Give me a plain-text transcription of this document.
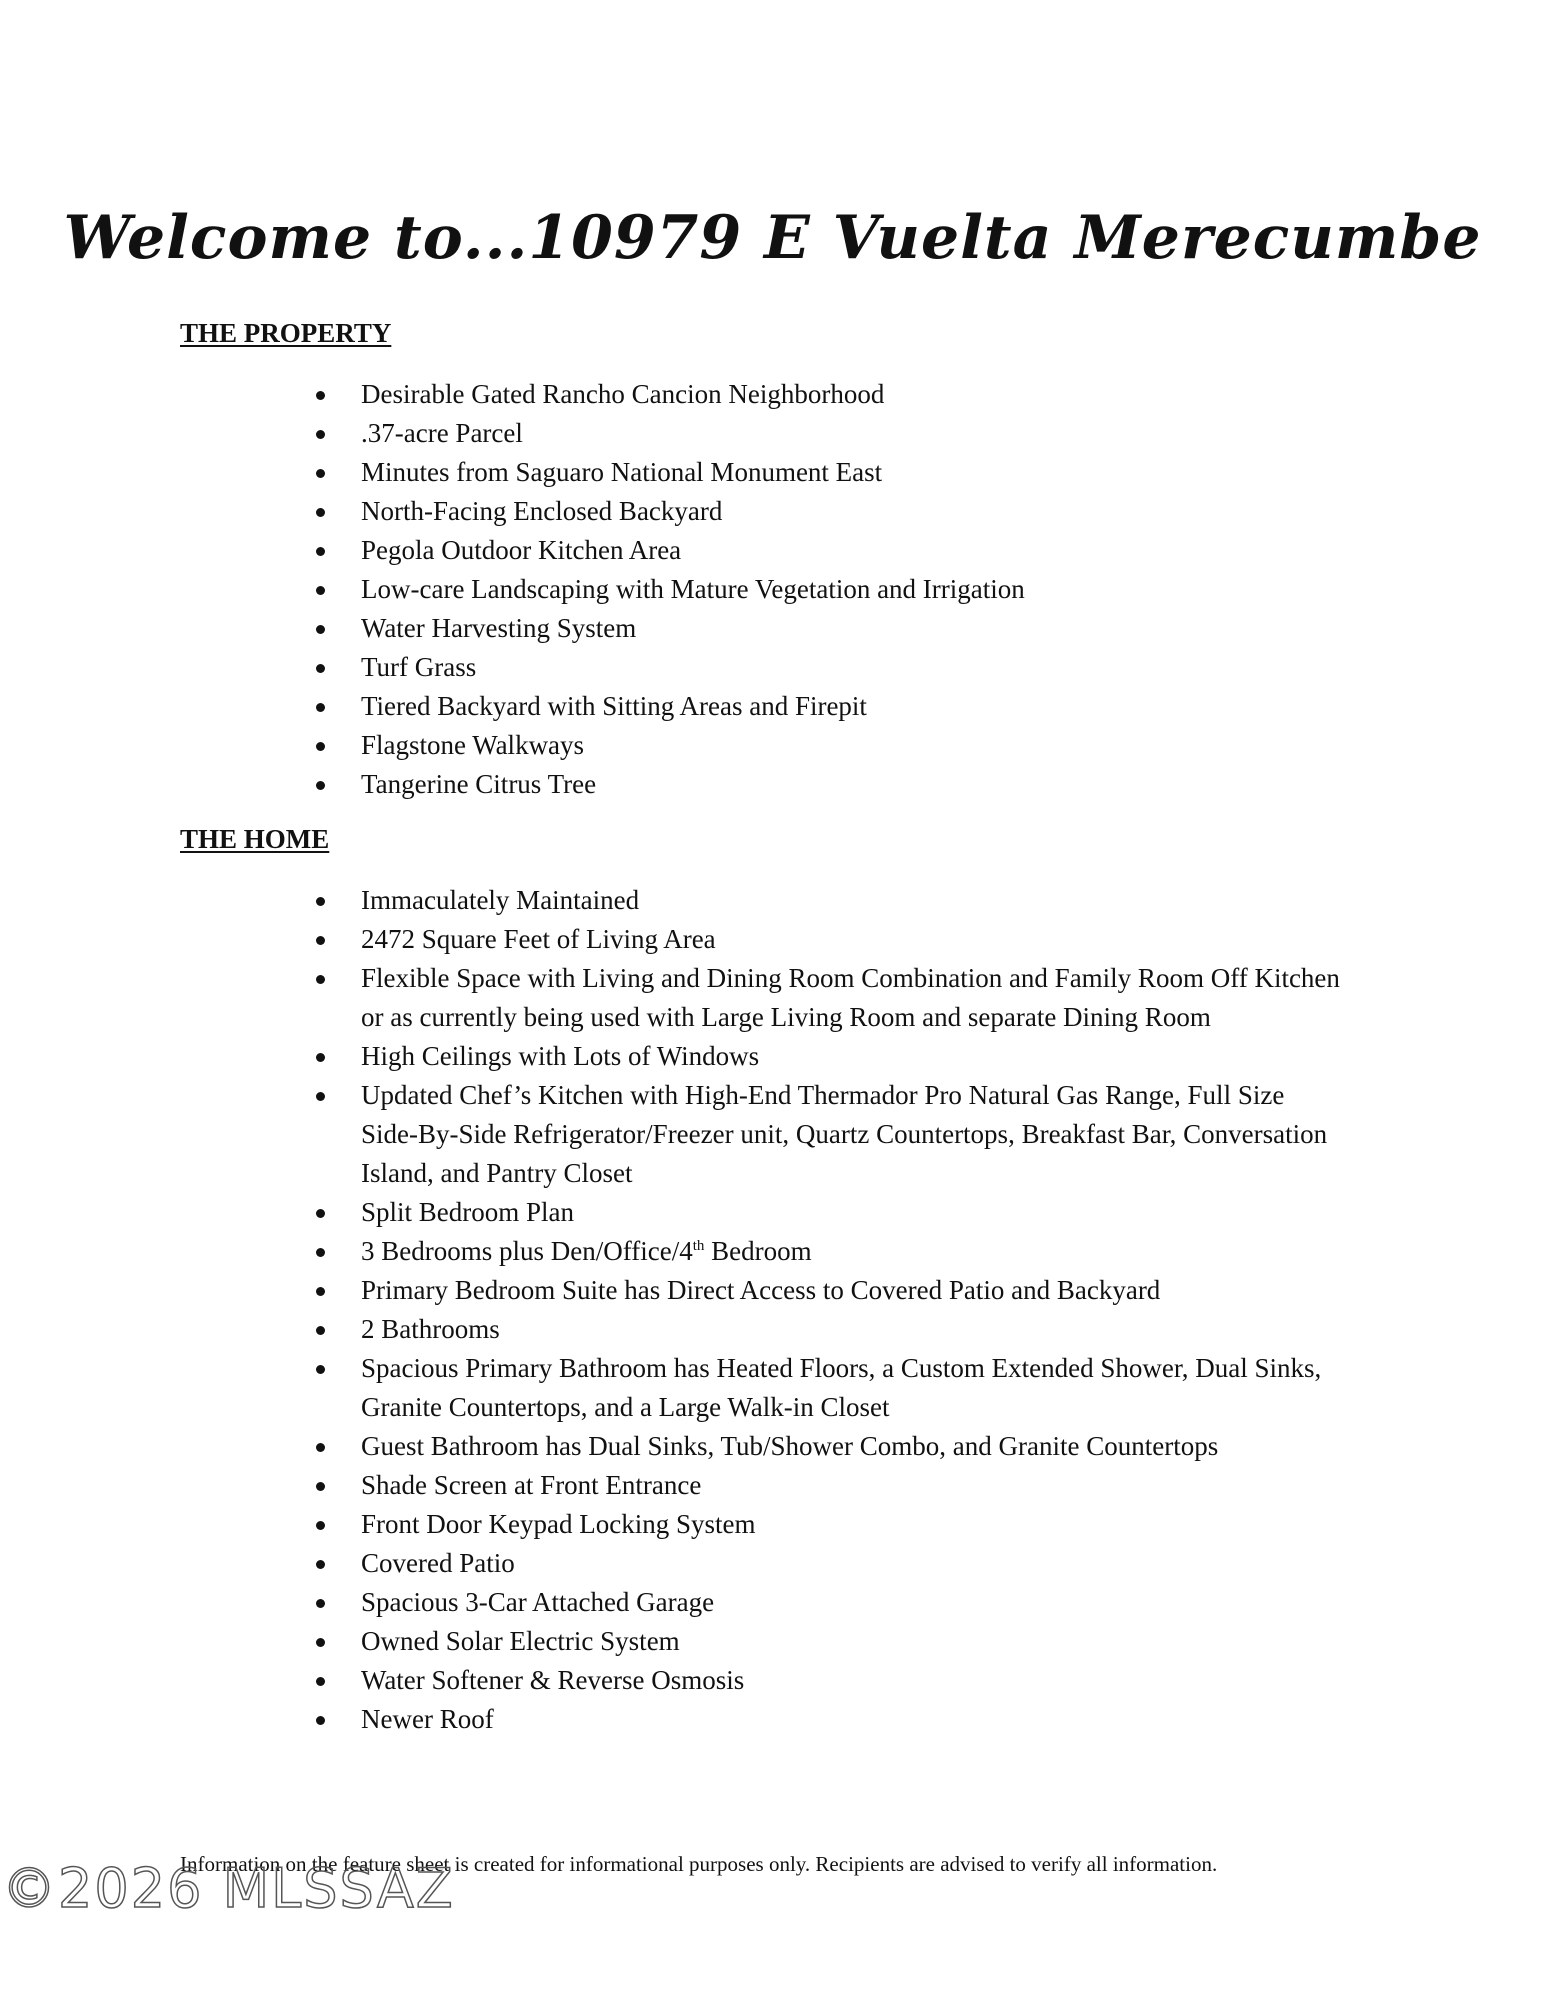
Welcome to...10979 E Vuelta Merecumbe
THE PROPERTY
Desirable Gated Rancho Cancion Neighborhood
.37-acre Parcel
Minutes from Saguaro National Monument East
North-Facing Enclosed Backyard
Pegola Outdoor Kitchen Area
Low-care Landscaping with Mature Vegetation and Irrigation
Water Harvesting System
Turf Grass
Tiered Backyard with Sitting Areas and Firepit
Flagstone Walkways
Tangerine Citrus Tree
THE HOME
Immaculately Maintained
2472 Square Feet of Living Area
Flexible Space with Living and Dining Room Combination and Family Room Off Kitchen or as currently being used with Large Living Room and separate Dining Room
High Ceilings with Lots of Windows
Updated Chef’s Kitchen with High-End Thermador Pro Natural Gas Range, Full Size Side-By-Side Refrigerator/Freezer unit, Quartz Countertops, Breakfast Bar, Conversation Island, and Pantry Closet
Split Bedroom Plan
3 Bedrooms plus Den/Office/4th Bedroom
Primary Bedroom Suite has Direct Access to Covered Patio and Backyard
2 Bathrooms
Spacious Primary Bathroom has Heated Floors, a Custom Extended Shower, Dual Sinks, Granite Countertops, and a Large Walk-in Closet
Guest Bathroom has Dual Sinks, Tub/Shower Combo, and Granite Countertops
Shade Screen at Front Entrance
Front Door Keypad Locking System
Covered Patio
Spacious 3-Car Attached Garage
Owned Solar Electric System
Water Softener & Reverse Osmosis
Newer Roof
Information on the feature sheet is created for informational purposes only. Recipients are advised to verify all information.
©2026 MLSSAZ
